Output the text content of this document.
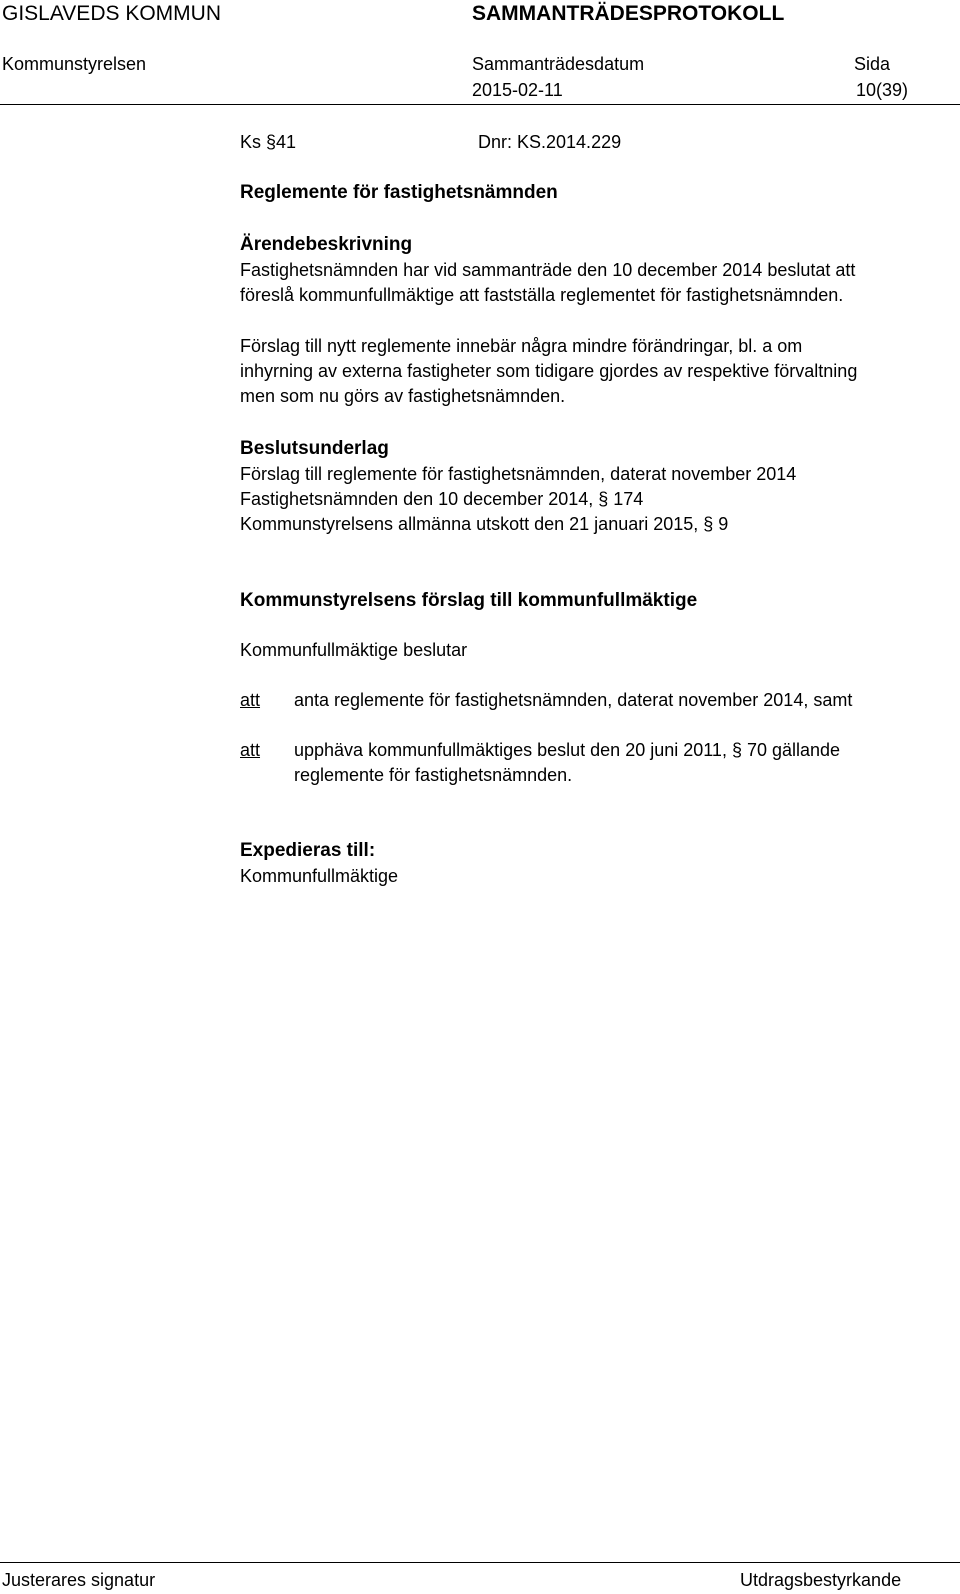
GISLAVEDS KOMMUN	SAMMANTRÄDESPROTOKOLL
Kommunstyrelsen	Sammanträdesdatum	Sida
2015-02-11	10(39)
Ks §41	Dnr: KS.2014.229
Reglemente för fastighetsnämnden
Ärendebeskrivning
Fastighetsnämnden har vid sammanträde den 10 december 2014 beslutat att
föreslå kommunfullmäktige att fastställa reglementet för fastighetsnämnden.
Förslag till nytt reglemente innebär några mindre förändringar, bl. a om
inhyrning av externa fastigheter som tidigare gjordes av respektive förvaltning
men som nu görs av fastighetsnämnden.
Beslutsunderlag
Förslag till reglemente för fastighetsnämnden, daterat november 2014
Fastighetsnämnden den 10 december 2014, § 174
Kommunstyrelsens allmänna utskott den 21 januari 2015, § 9
Kommunstyrelsens förslag till kommunfullmäktige
Kommunfullmäktige beslutar
att anta reglemente för fastighetsnämnden, daterat november 2014, samt
att upphäva kommunfullmäktiges beslut den 20 juni 2011, § 70 gällande
reglemente för fastighetsnämnden.
Expedieras till:
Kommunfullmäktige
Justerares signatur	Utdragsbestyrkande
